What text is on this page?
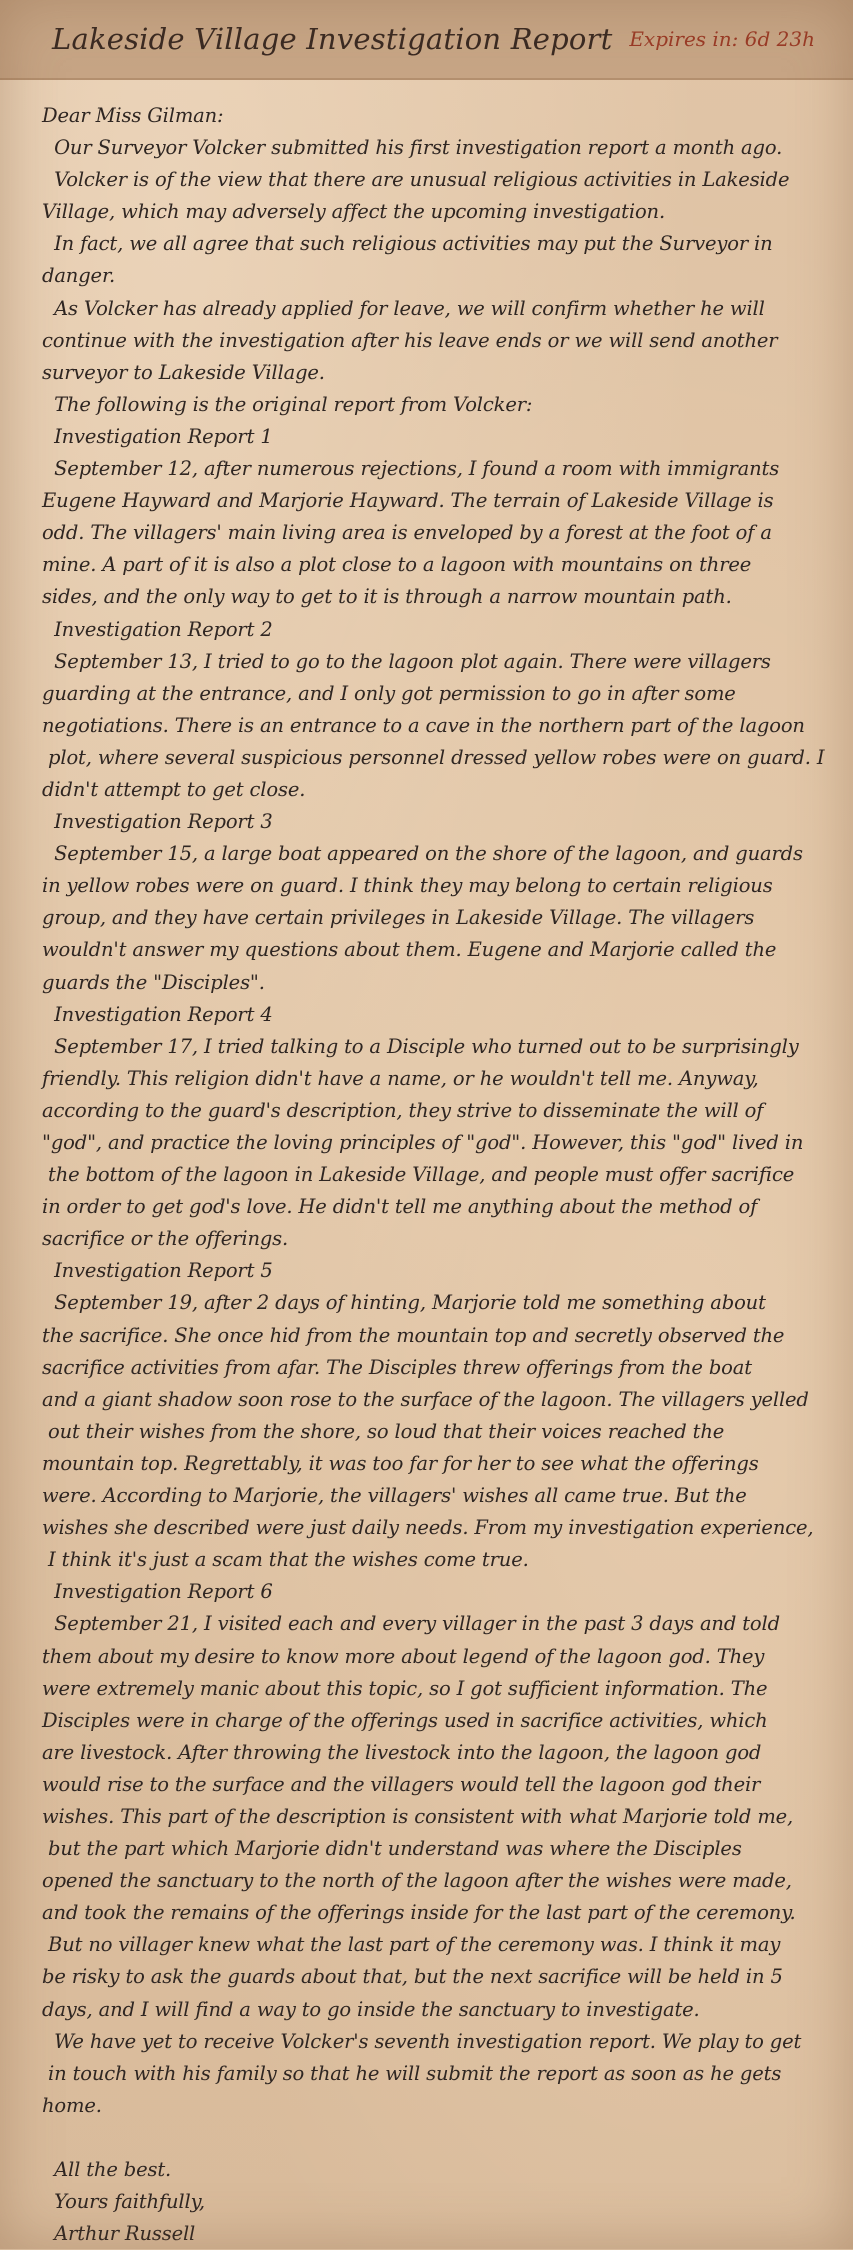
Lakeside Village Investigation Report Expires in: 6d 23h
Dear Miss Gilman:
Our Surveyor Volcker submitted his first investigation report a month ago.
Volcker is of the view that there are unusual religious activities in Lakeside
Village, which may adversely affect the upcoming investigation.
In fact, we all agree that such religious activities may put the Surveyor in
danger.
As Volcker has already applied for leave, we will confirm whether he will
continue with the investigation after his leave ends or we will send another
surveyor to Lakeside Village.
The following is the original report from Volcker:
Investigation Report 1
September 12, after numerous rejections, I found a room with immigrants
Eugene Hayward and Marjorie Hayward. The terrain of Lakeside Village is
odd. The villagers' main living area is enveloped by a forest at the foot of a
mine. A part of it is also a plot close to a lagoon with mountains on three
sides, and the only way to get to it is through a narrow mountain path.
Investigation Report 2
September 13, I tried to go to the lagoon plot again. There were villagers
guarding at the entrance, and I only got permission to go in after some
negotiations. There is an entrance to a cave in the northern part of the lagoon
plot, where several suspicious personnel dressed yellow robes were on guard. I
didn't attempt to get close.
Investigation Report 3
September 15, a large boat appeared on the shore of the lagoon, and guards
in yellow robes were on guard. I think they may belong to certain religious
group, and they have certain privileges in Lakeside Village. The villagers
wouldn't answer my questions about them. Eugene and Marjorie called the
guards the "Disciples".
Investigation Report 4
September 17, I tried talking to a Disciple who turned out to be surprisingly
friendly. This religion didn't have a name, or he wouldn't tell me. Anyway,
according to the guard's description, they strive to disseminate the will of
"god", and practice the loving principles of "god". However, this "god" lived in
the bottom of the lagoon in Lakeside Village, and people must offer sacrifice
in order to get god's love. He didn't tell me anything about the method of
sacrifice or the offerings.
Investigation Report 5
September 19, after 2 days of hinting, Marjorie told me something about
the sacrifice. She once hid from the mountain top and secretly observed the
sacrifice activities from afar. The Disciples threw offerings from the boat
and a giant shadow soon rose to the surface of the lagoon. The villagers yelled
out their wishes from the shore, so loud that their voices reached the
mountain top. Regrettably, it was too far for her to see what the offerings
were. According to Marjorie, the villagers' wishes all came true. But the
wishes she described were just daily needs. From my investigation experience,
I think it's just a scam that the wishes come true.
Investigation Report 6
September 21, I visited each and every villager in the past 3 days and told
them about my desire to know more about legend of the lagoon god. They
were extremely manic about this topic, so I got sufficient information. The
Disciples were in charge of the offerings used in sacrifice activities, which
are livestock. After throwing the livestock into the lagoon, the lagoon god
would rise to the surface and the villagers would tell the lagoon god their
wishes. This part of the description is consistent with what Marjorie told me,
but the part which Marjorie didn't understand was where the Disciples
opened the sanctuary to the north of the lagoon after the wishes were made,
and took the remains of the offerings inside for the last part of the ceremony.
But no villager knew what the last part of the ceremony was. I think it may
be risky to ask the guards about that, but the next sacrifice will be held in 5
days, and I will find a way to go inside the sanctuary to investigate.
We have yet to receive Volcker's seventh investigation report. We play to get
in touch with his family so that he will submit the report as soon as he gets
home.
All the best.
Yours faithfully,
Arthur Russell
